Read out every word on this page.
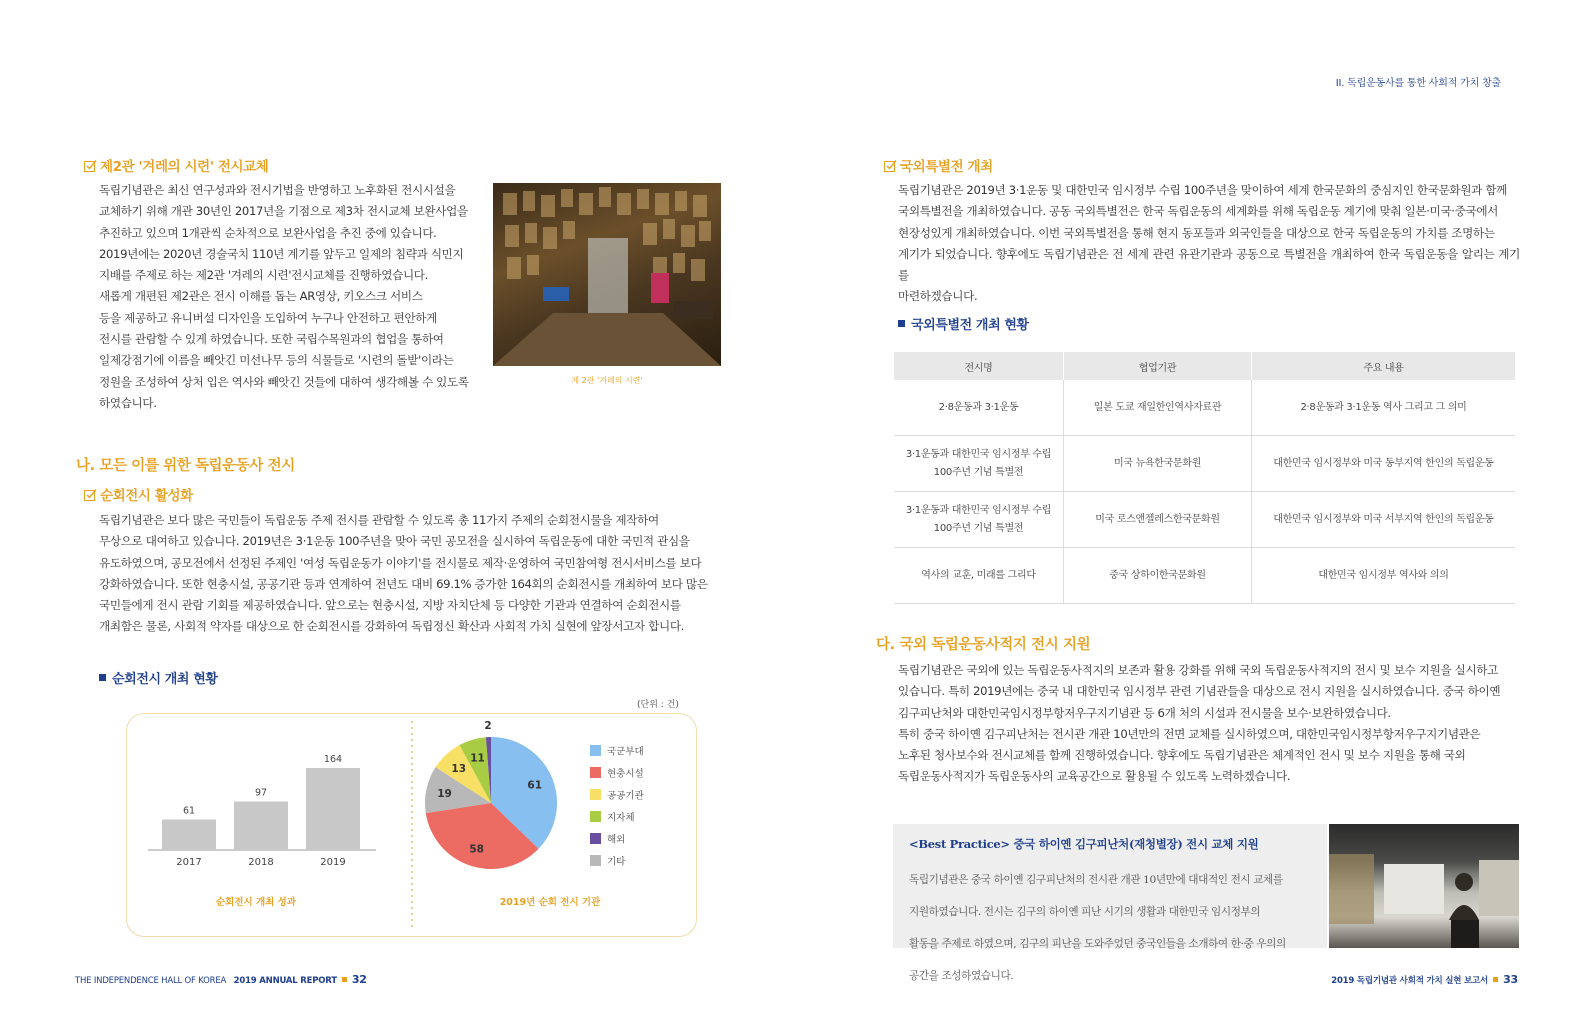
II. 독립운동사를 통한 사회적 가치 창출
제2관 '겨레의 시련' 전시교체

독립기념관은 최신 연구성과와 전시기법을 반영하고 노후화된 전시시설을

교체하기 위해 개관 30년인 2017년을 기점으로 제3차 전시교체 보완사업을

추진하고 있으며 1개관씩 순차적으로 보완사업을 추진 중에 있습니다.

2019년에는 2020년 경술국치 110년 계기를 앞두고 일제의 침략과 식민지

지배를 주제로 하는 제2관 '겨레의 시련'전시교체를 진행하였습니다.

새롭게 개편된 제2관은 전시 이해를 돕는 AR영상, 키오스크 서비스

등을 제공하고 유니버설 디자인을 도입하여 누구나 안전하고 편안하게

전시를 관람할 수 있게 하였습니다. 또한 국립수목원과의 협업을 통하여

일제강점기에 이름을 빼앗긴 미선나무 등의 식물들로 '시련의 돌밭'이라는

정원을 조성하여 상처 입은 역사와 빼앗긴 것들에 대하여 생각해볼 수 있도록

하였습니다.

제 2관 '겨레의 시련'
나. 모든 이를 위한 독립운동사 전시
순회전시 활성화

독립기념관은 보다 많은 국민들이 독립운동 주제 전시를 관람할 수 있도록 총 11가지 주제의 순회전시물을 제작하여

무상으로 대여하고 있습니다. 2019년은 3·1운동 100주년을 맞아 국민 공모전을 실시하여 독립운동에 대한 국민적 관심을

유도하였으며, 공모전에서 선정된 주제인 '여성 독립운동가 이야기'를 전시물로 제작·운영하여 국민참여형 전시서비스를 보다

강화하였습니다. 또한 현충시설, 공공기관 등과 연계하여 전년도 대비 69.1% 증가한 164회의 순회전시를 개최하여 보다 많은

국민들에게 전시 관람 기회를 제공하였습니다. 앞으로는 현충시설, 지방 자치단체 등 다양한 기관과 연결하여 순회전시를

개최함은 물론, 사회적 약자를 대상으로 한 순회전시를 강화하여 독립정신 확산과 사회적 가치 실현에 앞장서고자 합니다.

순회전시 개최 현황
(단위 : 건)
61
2017
97
2018
164
2019
순회전시 개최 성과
61
58
19
13
11
2
국군부대
현충시설
공공기관
지자체
해외
기타
2019년 순회 전시 기관
국외특별전 개최

독립기념관은 2019년 3·1운동 및 대한민국 임시정부 수립 100주년을 맞이하여 세계 한국문화의 중심지인 한국문화원과 함께

국외특별전을 개최하였습니다. 공동 국외특별전은 한국 독립운동의 세계화를 위해 독립운동 계기에 맞춰 일본·미국·중국에서

현장성있게 개최하였습니다. 이번 국외특별전을 통해 현지 동포들과 외국인들을 대상으로 한국 독립운동의 가치를 조명하는

계기가 되었습니다. 향후에도 독립기념관은 전 세계 관련 유관기관과 공동으로 특별전을 개최하여 한국 독립운동을 알리는 계기를

마련하겠습니다.

국외특별전 개최 현황
전시명	협업기관	주요 내용

2·8운동과 3·1운동	일본 도쿄 재일한인역사자료관	2·8운동과 3·1운동 역사 그리고 그 의미

3·1운동과 대한민국 임시정부 수립
100주년 기념 특별전	미국 뉴욕한국문화원	대한민국 임시정부와 미국 동부지역 한인의 독립운동

3·1운동과 대한민국 임시정부 수립
100주년 기념 특별전	미국 로스앤젤레스한국문화원	대한민국 임시정부와 미국 서부지역 한인의 독립운동

역사의 교훈, 미래를 그리다	중국 상하이한국문화원	대한민국 임시정부 역사와 의의
다. 국외 독립운동사적지 전시 지원

독립기념관은 국외에 있는 독립운동사적지의 보존과 활용 강화를 위해 국외 독립운동사적지의 전시 및 보수 지원을 실시하고

있습니다. 특히 2019년에는 중국 내 대한민국 임시정부 관련 기념관들을 대상으로 전시 지원을 실시하였습니다. 중국 하이옌

김구피난처와 대한민국임시정부항저우구지기념관 등 6개 처의 시설과 전시물을 보수·보완하였습니다.

특히 중국 하이옌 김구피난처는 전시관 개관 10년만의 전면 교체를 실시하였으며, 대한민국임시정부항저우구지기념관은

노후된 청사보수와 전시교체를 함께 진행하였습니다. 향후에도 독립기념관은 체계적인 전시 및 보수 지원을 통해 국외

독립운동사적지가 독립운동사의 교육공간으로 활용될 수 있도록 노력하겠습니다.

<Best Practice> 중국 하이옌 김구피난처(재청별장) 전시 교체 지원

독립기념관은 중국 하이옌 김구피난처의 전시관 개관 10년만에 대대적인 전시 교체를

지원하였습니다. 전시는 김구의 하이옌 피난 시기의 생활과 대한민국 임시정부의

활동을 주제로 하였으며, 김구의 피난을 도와주었던 중국인들을 소개하여 한·중 우의의

공간을 조성하였습니다.

THE INDEPENDENCE HALL OF KOREA 2019 ANNUAL REPORT 32	2019 독립기념관 사회적 가치 실현 보고서 33
